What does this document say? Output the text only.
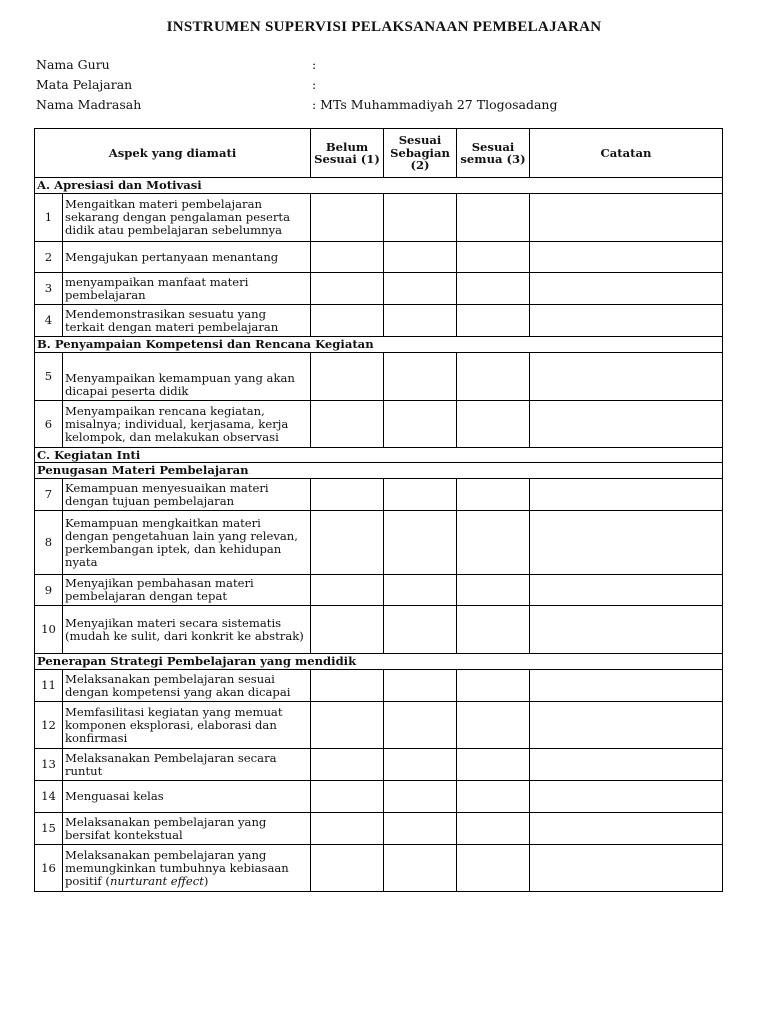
INSTRUMEN SUPERVISI PELAKSANAAN PEMBELAJARAN
Nama Guru	:
Mata Pelajaran	:
Nama Madrasah	: MTs Muhammadiyah 27 Tlogosadang
Aspek yang diamati		Belum Sesuai (1)	Sesuai Sebagian (2)	Sesuai semua (3)	Catatan
A. Apresiasi dan Motivasi					
1	Mengaitkan materi pembelajaran sekarang dengan pengalaman peserta didik atau pembelajaran sebelumnya				
2	Mengajukan pertanyaan menantang				
3	menyampaikan manfaat materi pembelajaran				
4	Mendemonstrasikan sesuatu yang terkait dengan materi pembelajaran				
B. Penyampaian Kompetensi dan Rencana Kegiatan					
5	Menyampaikan kemampuan yang akan dicapai peserta didik				
6	Menyampaikan rencana kegiatan, misalnya; individual, kerjasama, kerja kelompok, dan melakukan observasi				
C. Kegiatan Inti					
Penugasan Materi Pembelajaran					
7	Kemampuan menyesuaikan materi dengan tujuan pembelajaran				
8	Kemampuan mengkaitkan materi dengan pengetahuan lain yang relevan, perkembangan iptek, dan kehidupan nyata				
9	Menyajikan pembahasan materi pembelajaran dengan tepat				
10	Menyajikan materi secara sistematis (mudah ke sulit, dari konkrit ke abstrak)				
Penerapan Strategi Pembelajaran yang mendidik					
11	Melaksanakan pembelajaran sesuai dengan kompetensi yang akan dicapai				
12	Memfasilitasi kegiatan yang memuat komponen eksplorasi, elaborasi dan konfirmasi				
13	Melaksanakan Pembelajaran secara runtut				
14	Menguasai kelas				
15	Melaksanakan pembelajaran yang bersifat kontekstual				
16	Melaksanakan pembelajaran yang memungkinkan tumbuhnya kebiasaan positif (nurturant effect)				
